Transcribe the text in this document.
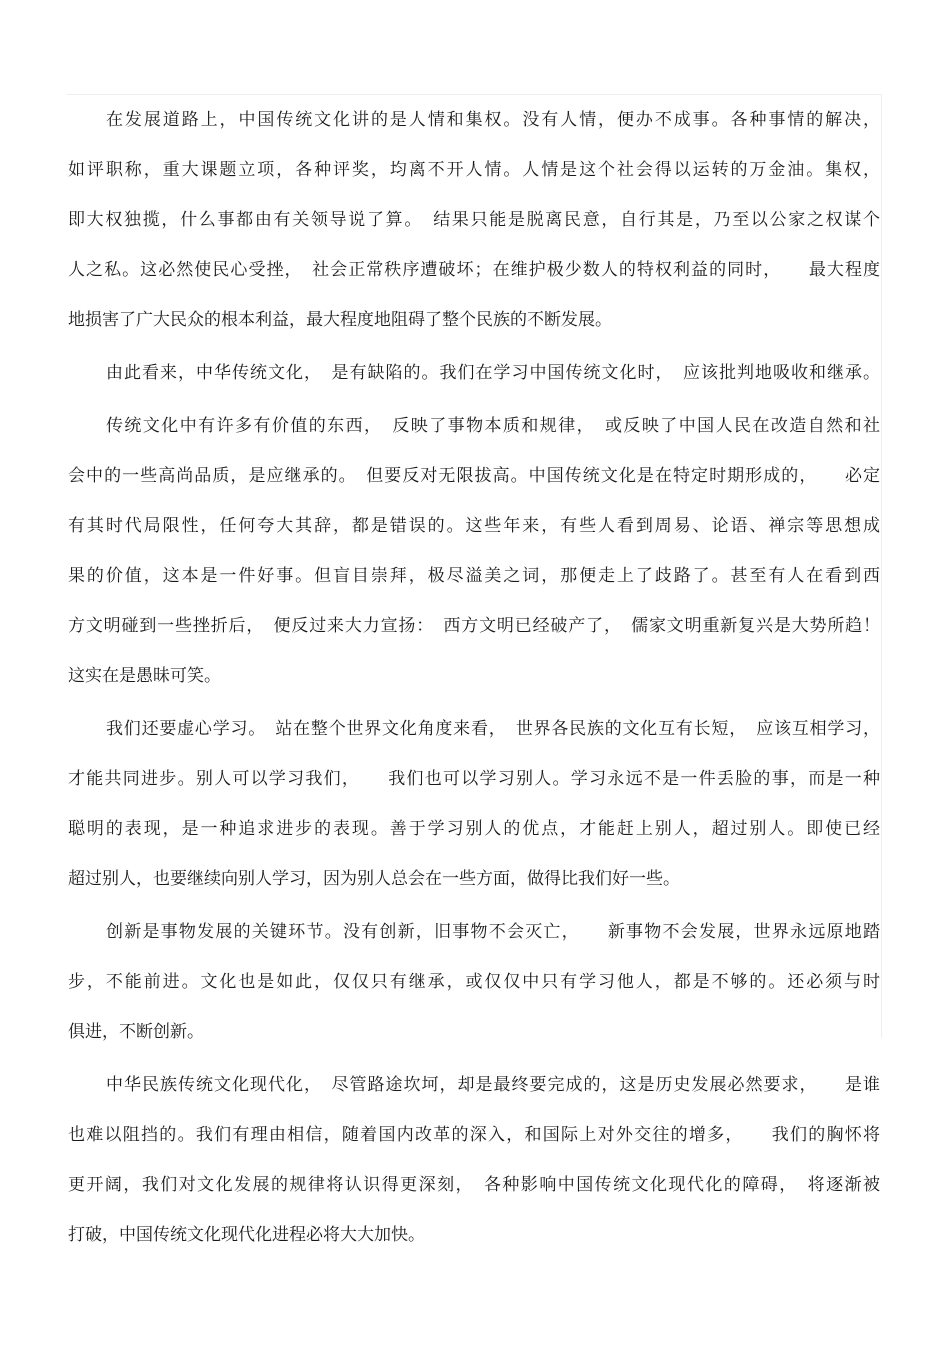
在发展道路上，中国传统文化讲的是人情和集权。没有人情，便办不成事。各种事情的解决，
如评职称，重大课题立项，各种评奖，均离不开人情。人情是这个社会得以运转的万金油。集权，
即大权独揽，什么事都由有关领导说了算。　结果只能是脱离民意，自行其是，乃至以公家之权谋个
人之私。这必然使民心受挫，　社会正常秩序遭破坏；在维护极少数人的特权利益的同时，　　最大程度
地损害了广大民众的根本利益，最大程度地阻碍了整个民族的不断发展。

由此看来，中华传统文化，　是有缺陷的。我们在学习中国传统文化时，　应该批判地吸收和继承。

传统文化中有许多有价值的东西，　反映了事物本质和规律，　或反映了中国人民在改造自然和社
会中的一些高尚品质，是应继承的。　但要反对无限拔高。中国传统文化是在特定时期形成的，　　必定
有其时代局限性，任何夸大其辞，都是错误的。这些年来，有些人看到周易、论语、禅宗等思想成
果的价值，这本是一件好事。但盲目崇拜，极尽溢美之词，那便走上了歧路了。甚至有人在看到西
方文明碰到一些挫折后，　便反过来大力宣扬：　西方文明已经破产了，　儒家文明重新复兴是大势所趋！
这实在是愚昧可笑。

我们还要虚心学习。　站在整个世界文化角度来看，　世界各民族的文化互有长短，　应该互相学习，
才能共同进步。别人可以学习我们，　　我们也可以学习别人。学习永远不是一件丢脸的事，而是一种
聪明的表现，是一种追求进步的表现。善于学习别人的优点，才能赶上别人，超过别人。即使已经
超过别人，也要继续向别人学习，因为别人总会在一些方面，做得比我们好一些。

创新是事物发展的关键环节。没有创新，旧事物不会灭亡，　　新事物不会发展，世界永远原地踏
步，不能前进。文化也是如此，仅仅只有继承，或仅仅中只有学习他人，都是不够的。还必须与时
俱进，不断创新。

中华民族传统文化现代化，　尽管路途坎坷，却是最终要完成的，这是历史发展必然要求，　　是谁
也难以阻挡的。我们有理由相信，随着国内改革的深入，和国际上对外交往的增多，　　我们的胸怀将
更开阔，我们对文化发展的规律将认识得更深刻，　各种影响中国传统文化现代化的障碍，　将逐渐被
打破，中国传统文化现代化进程必将大大加快。
